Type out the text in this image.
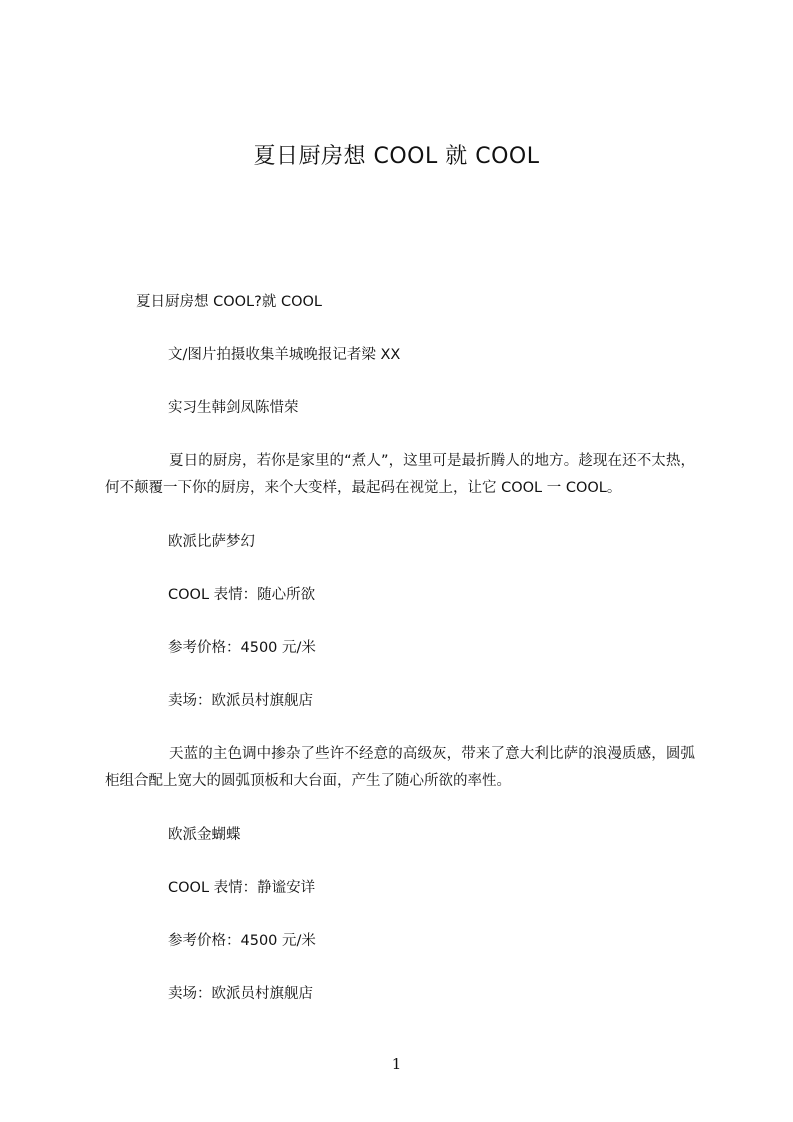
夏日厨房想 COOL 就 COOL
夏日厨房想 COOL?就 COOL
文/图片拍摄收集羊城晚报记者梁 XX
实习生韩剑凤陈惜荣
夏日的厨房，若你是家里的“煮人”，这里可是最折腾人的地方。趁现在还不太热，何不颠覆一下你的厨房，来个大变样，最起码在视觉上，让它 COOL 一 COOL。
欧派比萨梦幻
COOL 表情：随心所欲
参考价格：4500 元/米
卖场：欧派员村旗舰店
天蓝的主色调中掺杂了些许不经意的高级灰，带来了意大利比萨的浪漫质感，圆弧柜组合配上宽大的圆弧顶板和大台面，产生了随心所欲的率性。
欧派金蝴蝶
COOL 表情：静谧安详
参考价格：4500 元/米
卖场：欧派员村旗舰店
1
